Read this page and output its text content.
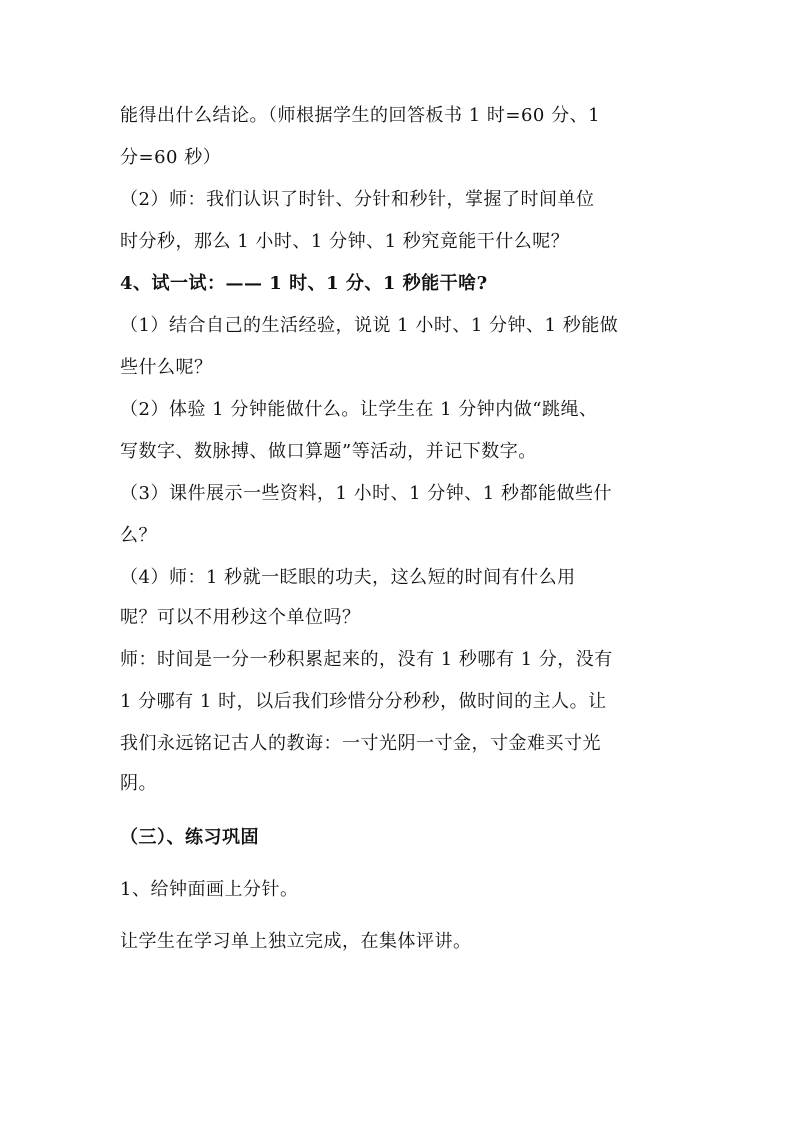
能得出什么结论。（师根据学生的回答板书 1 时=60 分、1
分=60 秒）
（2）师：我们认识了时针、分针和秒针，掌握了时间单位
时分秒，那么 1 小时、1 分钟、1 秒究竟能干什么呢？
4、试一试：—— 1 时、1 分、1 秒能干啥?
（1）结合自己的生活经验，说说 1 小时、1 分钟、1 秒能做
些什么呢？
（2）体验 1 分钟能做什么。让学生在 1 分钟内做“跳绳、
写数字、数脉搏、做口算题”等活动，并记下数字。
（3）课件展示一些资料，1 小时、1 分钟、1 秒都能做些什
么？
（4）师：1 秒就一眨眼的功夫，这么短的时间有什么用
呢？可以不用秒这个单位吗？
师：时间是一分一秒积累起来的，没有 1 秒哪有 1 分，没有
1 分哪有 1 时，以后我们珍惜分分秒秒，做时间的主人。让
我们永远铭记古人的教诲：一寸光阴一寸金，寸金难买寸光
阴。
（三）、练习巩固
1、给钟面画上分针。
让学生在学习单上独立完成，在集体评讲。
